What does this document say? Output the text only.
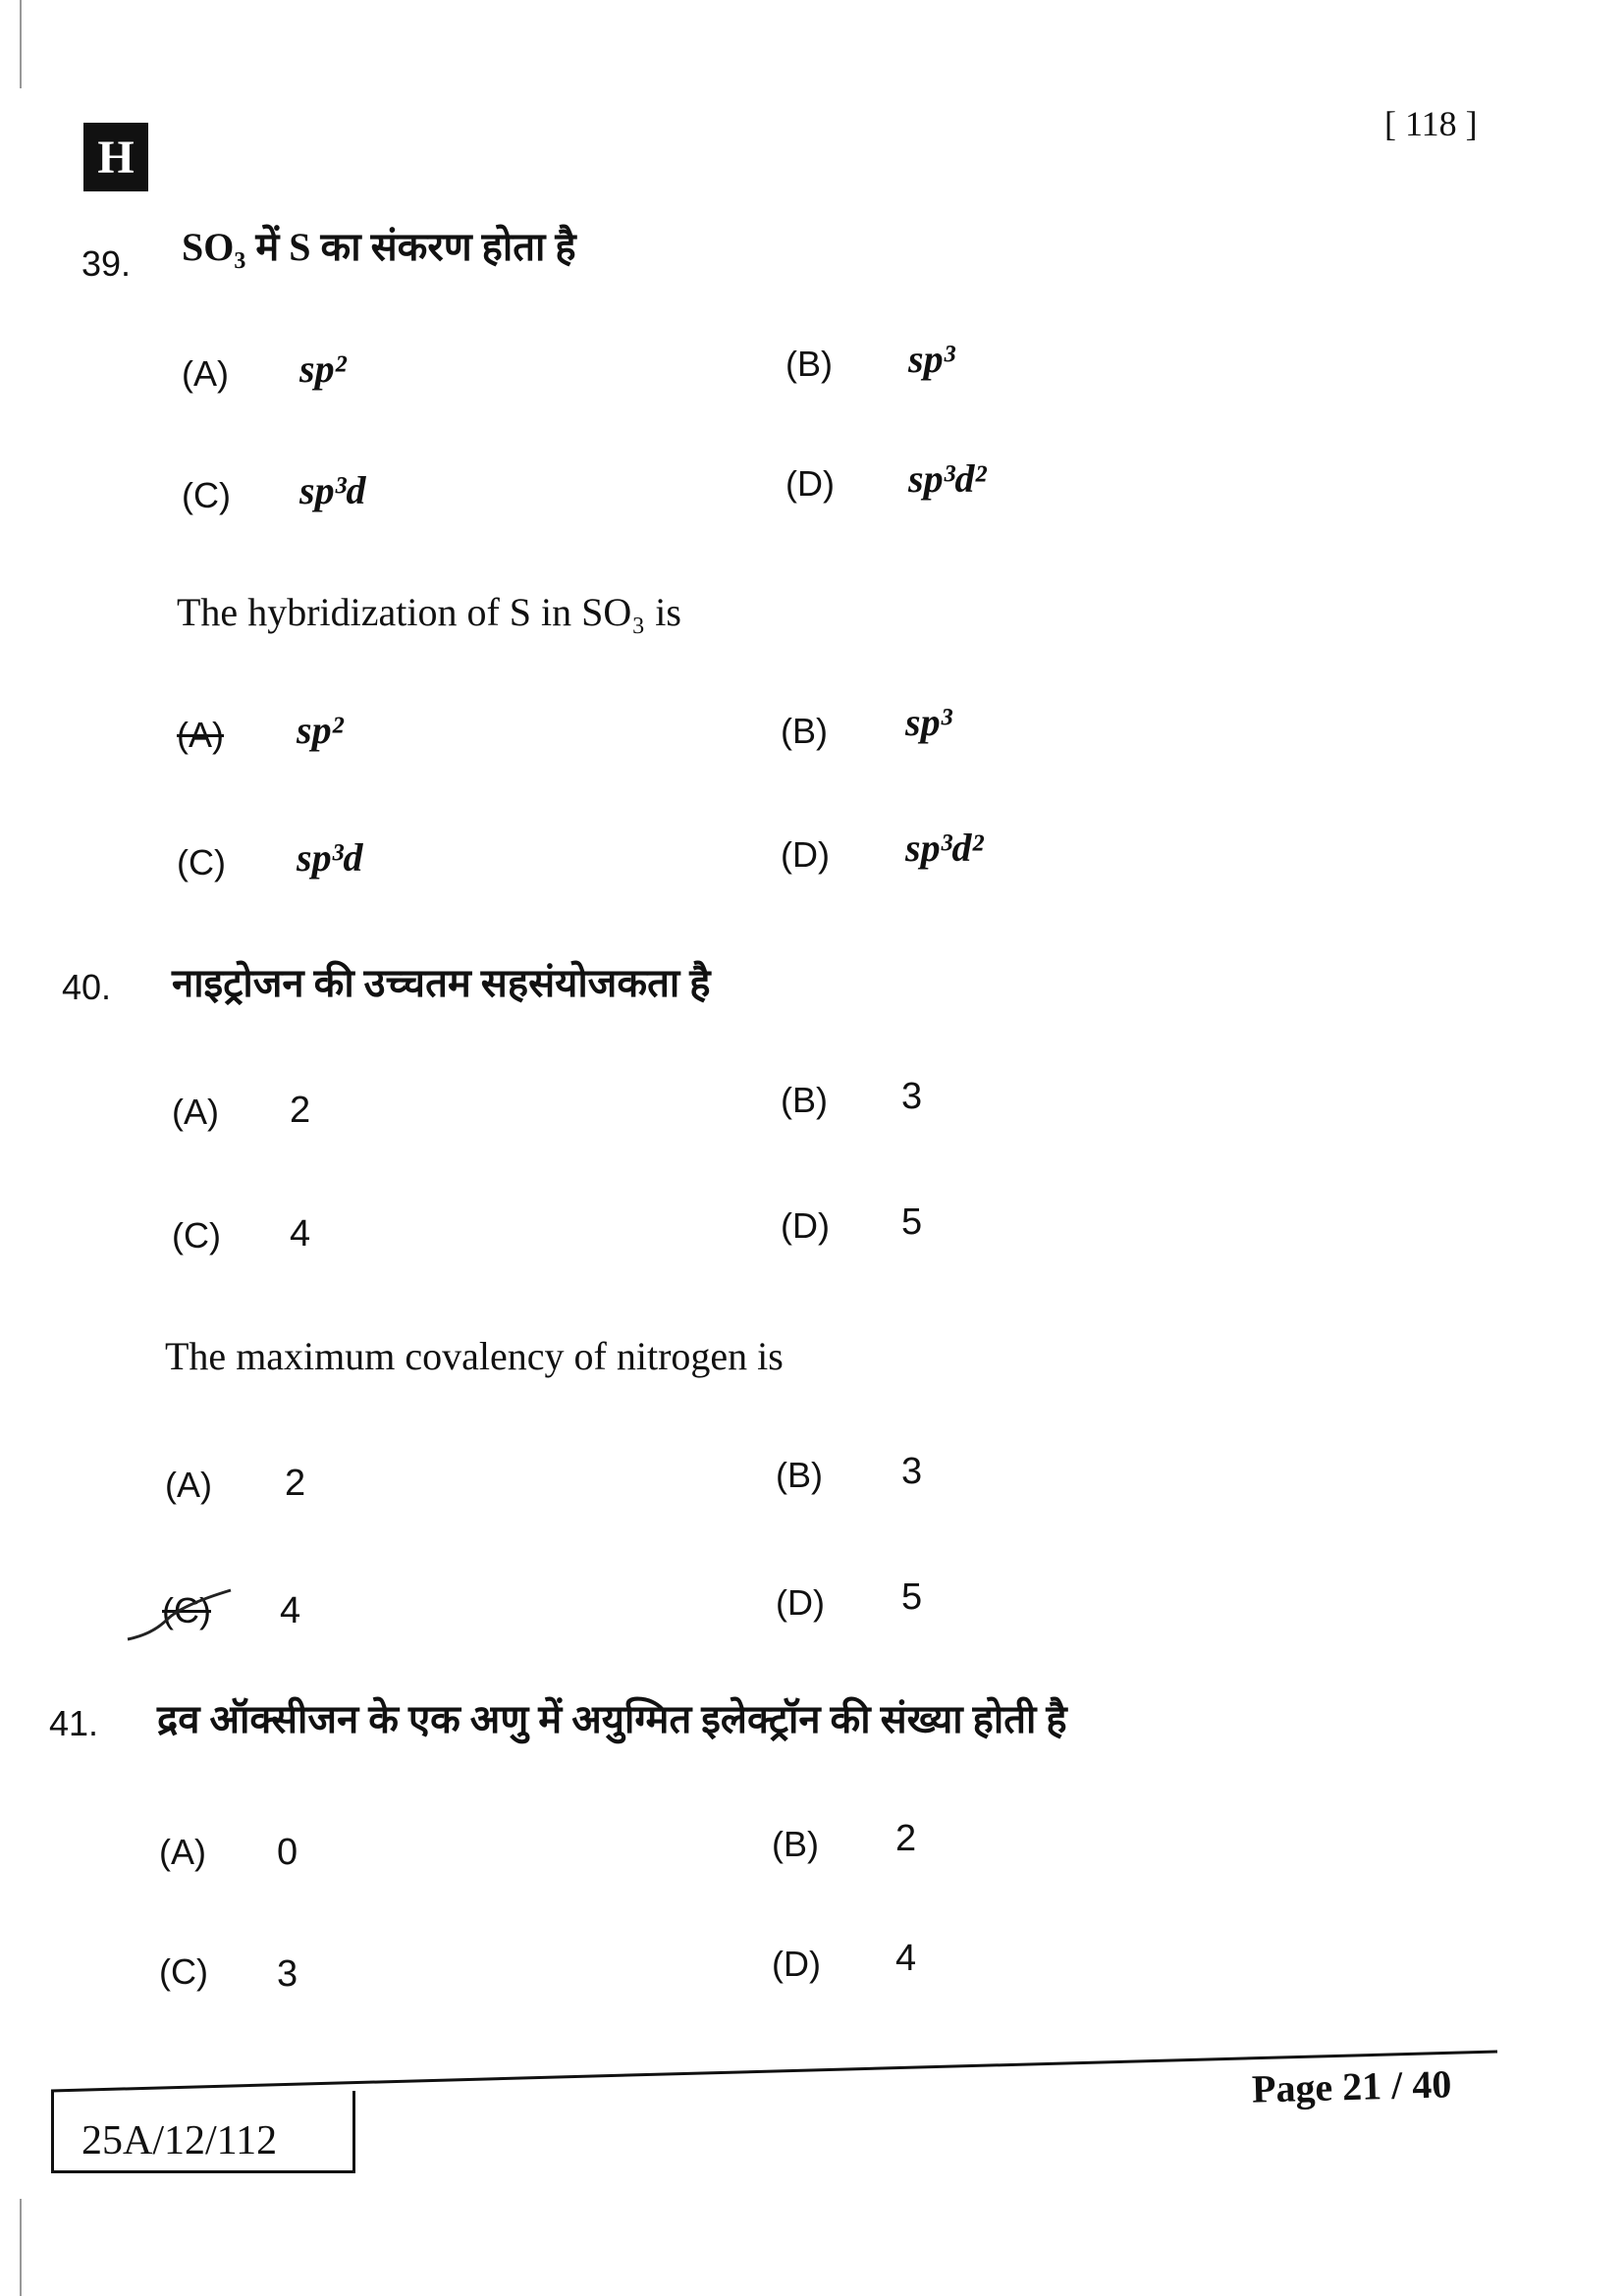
H
[ 118 ]
39. SO₃ में S का संकरण होता है
(A) sp²	(B) sp³
(C) sp³d	(D) sp³d²
The hybridization of S in SO₃ is
(A) sp²	(B) sp³
(C) sp³d	(D) sp³d²
40. नाइट्रोजन की उच्चतम सहसंयोजकता है
(A) 2	(B) 3
(C) 4	(D) 5
The maximum covalency of nitrogen is
(A) 2	(B) 3
(C) 4	(D) 5
41. द्रव ऑक्सीजन के एक अणु में अयुग्मित इलेक्ट्रॉन की संख्या होती है
(A) 0	(B) 2
(C) 3	(D) 4
25A/12/112
Page 21 / 40
